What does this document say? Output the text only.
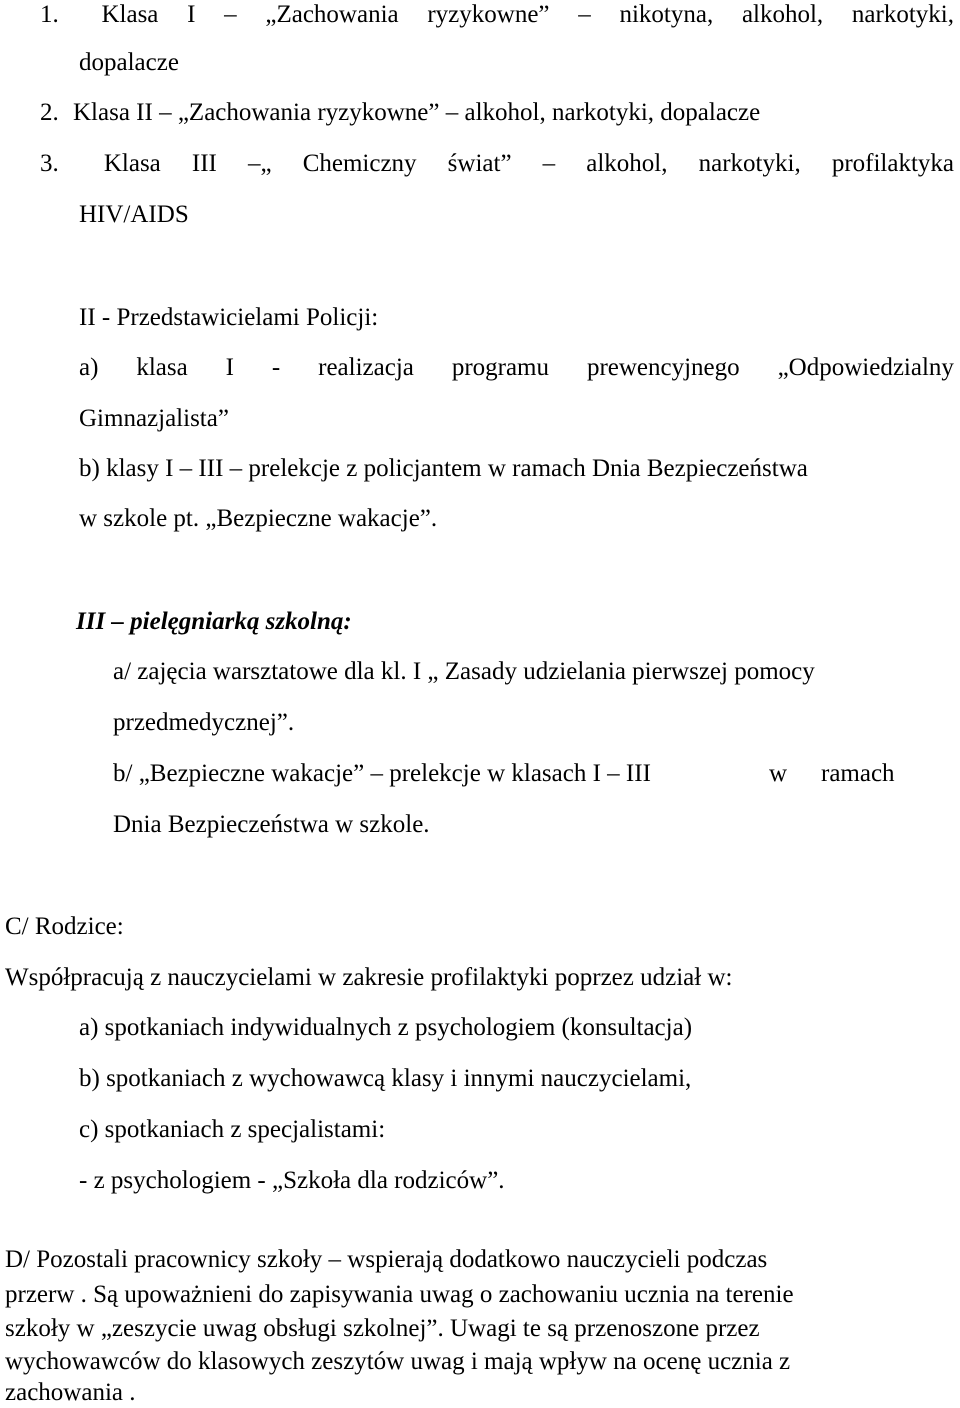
1. Klasa I – „Zachowania ryzykowne” – nikotyna, alkohol, narkotyki,
dopalacze
2. Klasa II – „Zachowania ryzykowne” – alkohol, narkotyki, dopalacze
3. Klasa III –„ Chemiczny świat” – alkohol, narkotyki, profilaktyka
HIV/AIDS
II - Przedstawicielami Policji:
a) klasa I - realizacja programu prewencyjnego „Odpowiedzialny
Gimnazjalista”
b) klasy I – III – prelekcje z policjantem w ramach Dnia Bezpieczeństwa
w szkole pt. „Bezpieczne wakacje”.
III – pielęgniarką szkolną:
a/ zajęcia warsztatowe dla kl. I „ Zasady udzielania pierwszej pomocy
przedmedycznej”.
b/ „Bezpieczne wakacje” – prelekcje w klasach I – III	w ramach
Dnia Bezpieczeństwa w szkole.
C/ Rodzice:
Współpracują z nauczycielami w zakresie profilaktyki poprzez udział w:
a) spotkaniach indywidualnych z psychologiem (konsultacja)
b) spotkaniach z wychowawcą klasy i innymi nauczycielami,
c) spotkaniach z specjalistami:
- z psychologiem - „Szkoła dla rodziców”.
D/ Pozostali pracownicy szkoły – wspierają dodatkowo nauczycieli podczas
przerw . Są upoważnieni do zapisywania uwag o zachowaniu ucznia na terenie
szkoły w „zeszycie uwag obsługi szkolnej”. Uwagi te są przenoszone przez
wychowawców do klasowych zeszytów uwag i mają wpływ na ocenę ucznia z
zachowania .
